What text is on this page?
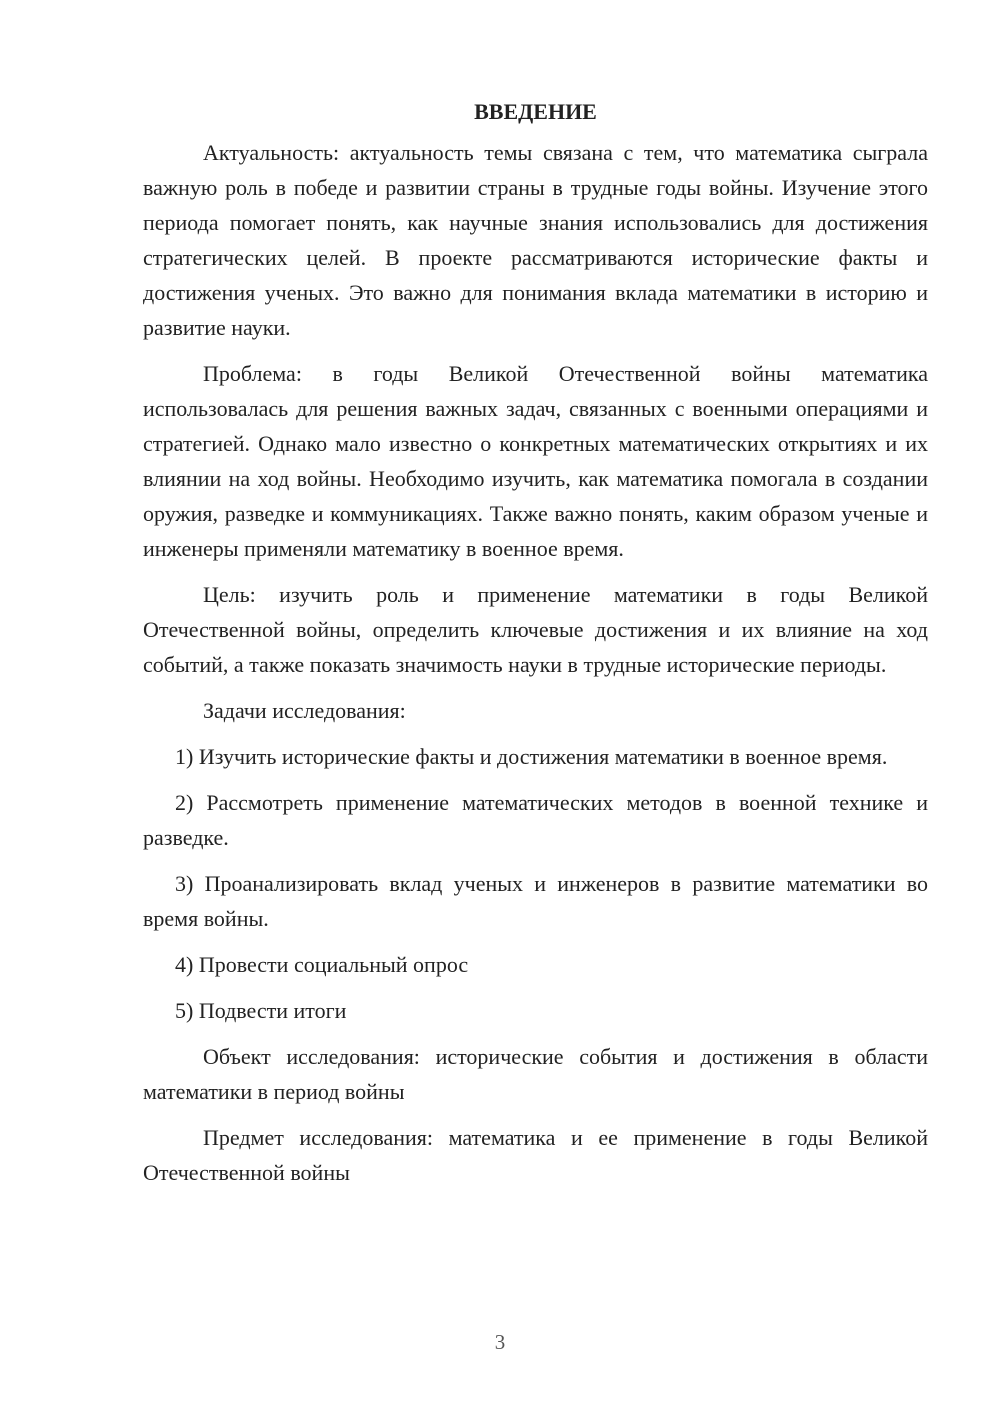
ВВЕДЕНИЕ

Актуальность: актуальность темы связана с тем, что математика сыграла важную роль в победе и развитии страны в трудные годы войны. Изучение этого периода помогает понять, как научные знания использовались для достижения стратегических целей. В проекте рассматриваются исторические факты и достижения ученых. Это важно для понимания вклада математики в историю и развитие науки.

Проблема: в годы Великой Отечественной войны математика использовалась для решения важных задач, связанных с военными операциями и стратегией. Однако мало известно о конкретных математических открытиях и их влиянии на ход войны. Необходимо изучить, как математика помогала в создании оружия, разведке и коммуникациях. Также важно понять, каким образом ученые и инженеры применяли математику в военное время.

Цель: изучить роль и применение математики в годы Великой Отечественной войны, определить ключевые достижения и их влияние на ход событий, а также показать значимость науки в трудные исторические периоды.

Задачи исследования:

1) Изучить исторические факты и достижения математики в военное время.

2) Рассмотреть применение математических методов в военной технике и разведке.

3) Проанализировать вклад ученых и инженеров в развитие математики во время войны.

4) Провести социальный опрос

5) Подвести итоги

Объект исследования: исторические события и достижения в области математики в период войны

Предмет исследования: математика и ее применение в годы Великой Отечественной войны

3
